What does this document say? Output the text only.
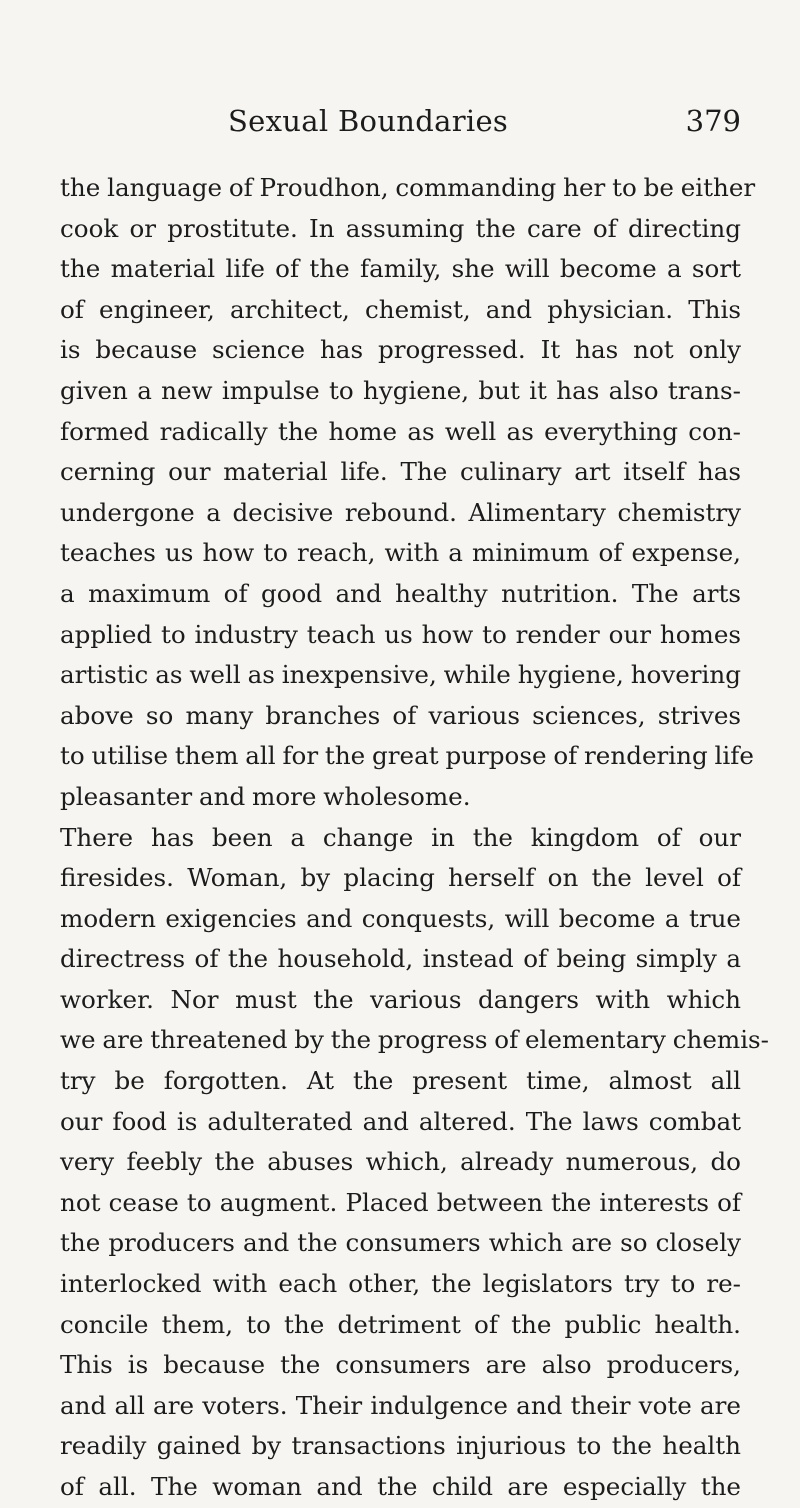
Sexual Boundaries	379
the language of Proudhon, commanding her to be either
cook or prostitute. In assuming the care of directing
the material life of the family, she will become a sort
of engineer, architect, chemist, and physician. This
is because science has progressed. It has not only
given a new impulse to hygiene, but it has also trans-
formed radically the home as well as everything con-
cerning our material life. The culinary art itself has
undergone a decisive rebound. Alimentary chemistry
teaches us how to reach, with a minimum of expense,
a maximum of good and healthy nutrition. The arts
applied to industry teach us how to render our homes
artistic as well as inexpensive, while hygiene, hovering
above so many branches of various sciences, strives
to utilise them all for the great purpose of rendering life
pleasanter and more wholesome.
There has been a change in the kingdom of our
firesides. Woman, by placing herself on the level of
modern exigencies and conquests, will become a true
directress of the household, instead of being simply a
worker. Nor must the various dangers with which
we are threatened by the progress of elementary chemis-
try be forgotten. At the present time, almost all
our food is adulterated and altered. The laws combat
very feebly the abuses which, already numerous, do
not cease to augment. Placed between the interests of
the producers and the consumers which are so closely
interlocked with each other, the legislators try to re-
concile them, to the detriment of the public health.
This is because the consumers are also producers,
and all are voters. Their indulgence and their vote are
readily gained by transactions injurious to the health
of all. The woman and the child are especially the
